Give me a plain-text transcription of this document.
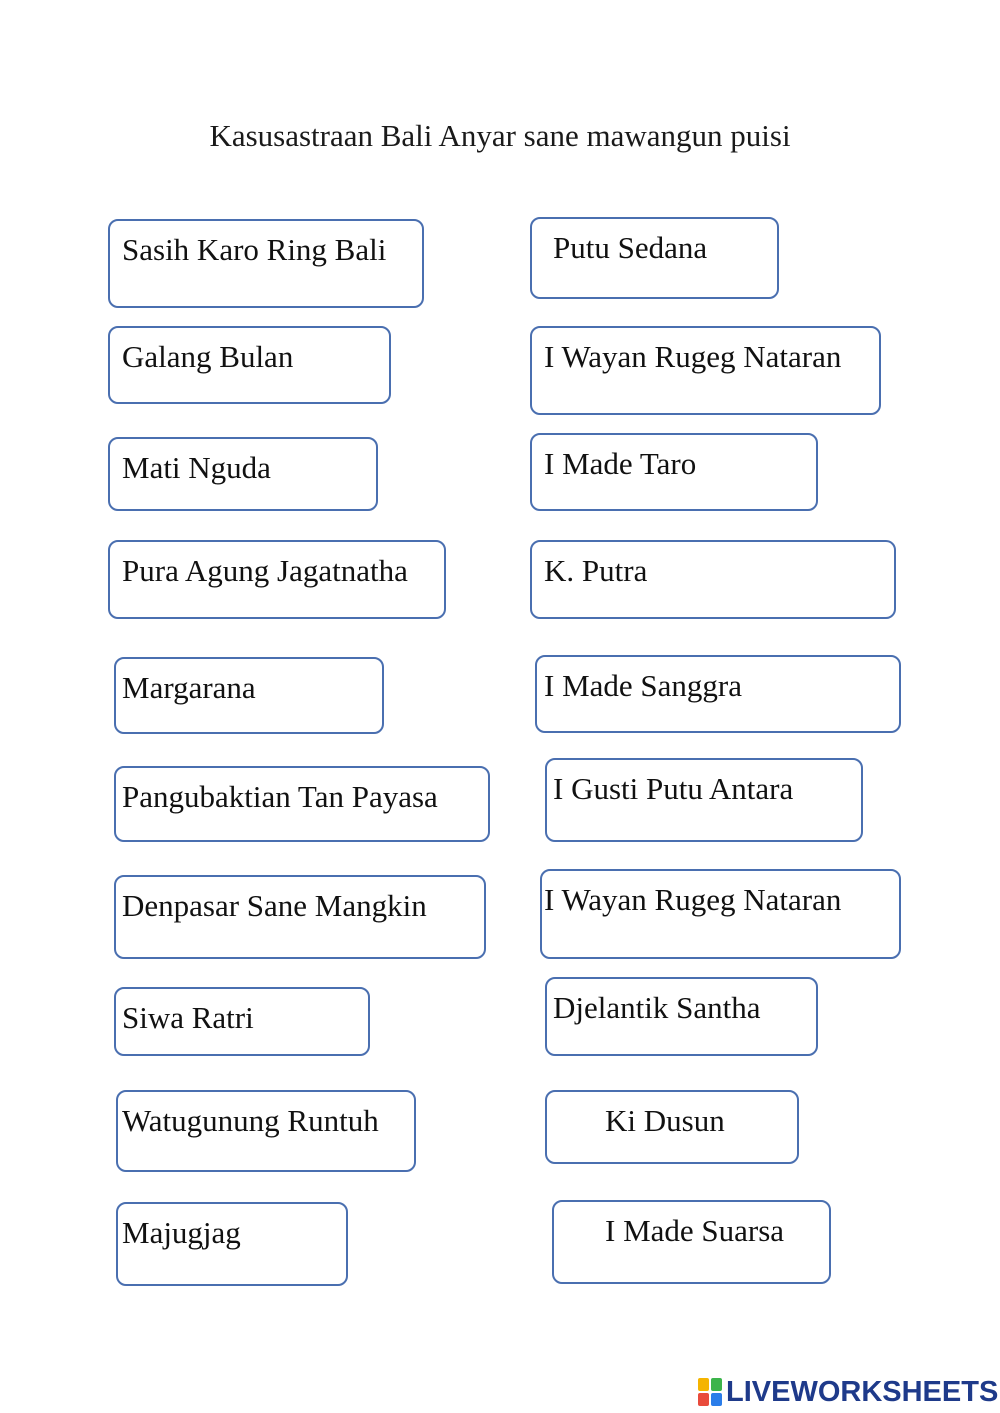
Kasusastraan Bali Anyar sane mawangun puisi
Sasih Karo Ring Bali
Galang Bulan
Mati Nguda
Pura Agung Jagatnatha
Margarana
Pangubaktian Tan Payasa
Denpasar Sane Mangkin
Siwa Ratri
Watugunung Runtuh
Majugjag
Putu Sedana
I Wayan Rugeg Nataran
I Made Taro
K. Putra
I Made Sanggra
I Gusti Putu Antara
I Wayan Rugeg Nataran
Djelantik Santha
Ki Dusun
I Made Suarsa
LIVEWORKSHEETS
